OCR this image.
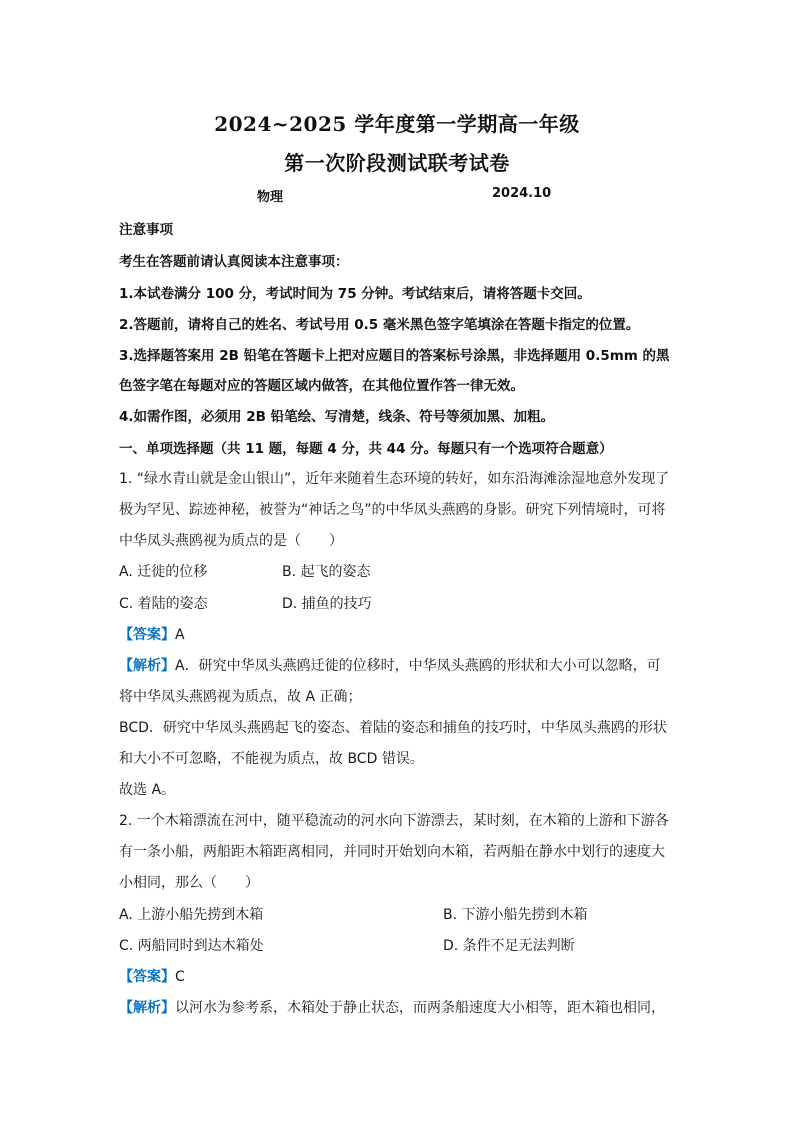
2024~2025 学年度第一学期高一年级
第一次阶段测试联考试卷
物理	2024.10
注意事项
考生在答题前请认真阅读本注意事项：
1.本试卷满分 100 分，考试时间为 75 分钟。考试结束后，请将答题卡交回。
2.答题前，请将自己的姓名、考试号用 0.5 毫米黑色签字笔填涂在答题卡指定的位置。
3.选择题答案用 2B 铅笔在答题卡上把对应题目的答案标号涂黑，非选择题用 0.5mm 的黑
色签字笔在每题对应的答题区域内做答，在其他位置作答一律无效。
4.如需作图，必须用 2B 铅笔绘、写清楚，线条、符号等须加黑、加粗。
一、单项选择题（共 11 题，每题 4 分，共 44 分。每题只有一个选项符合题意）
1. “绿水青山就是金山银山”，近年来随着生态环境的转好，如东沿海滩涂湿地意外发现了
极为罕见、踪迹神秘，被誉为“神话之鸟”的中华凤头燕鸥的身影。研究下列情境时，可将
中华凤头燕鸥视为质点的是（　　）
A. 迁徙的位移	B. 起飞的姿态
C. 着陆的姿态	D. 捕鱼的技巧
【答案】A
【解析】A．研究中华凤头燕鸥迁徙的位移时，中华凤头燕鸥的形状和大小可以忽略，可
将中华凤头燕鸥视为质点，故 A 正确；
BCD．研究中华凤头燕鸥起飞的姿态、着陆的姿态和捕鱼的技巧时，中华凤头燕鸥的形状
和大小不可忽略，不能视为质点，故 BCD 错误。
故选 A。
2. 一个木箱漂流在河中，随平稳流动的河水向下游漂去，某时刻，在木箱的上游和下游各
有一条小船，两船距木箱距离相同，并同时开始划向木箱，若两船在静水中划行的速度大
小相同，那么（　　）
A. 上游小船先捞到木箱	B. 下游小船先捞到木箱
C. 两船同时到达木箱处	D. 条件不足无法判断
【答案】C
【解析】以河水为参考系，木箱处于静止状态，而两条船速度大小相等，距木箱也相同，
